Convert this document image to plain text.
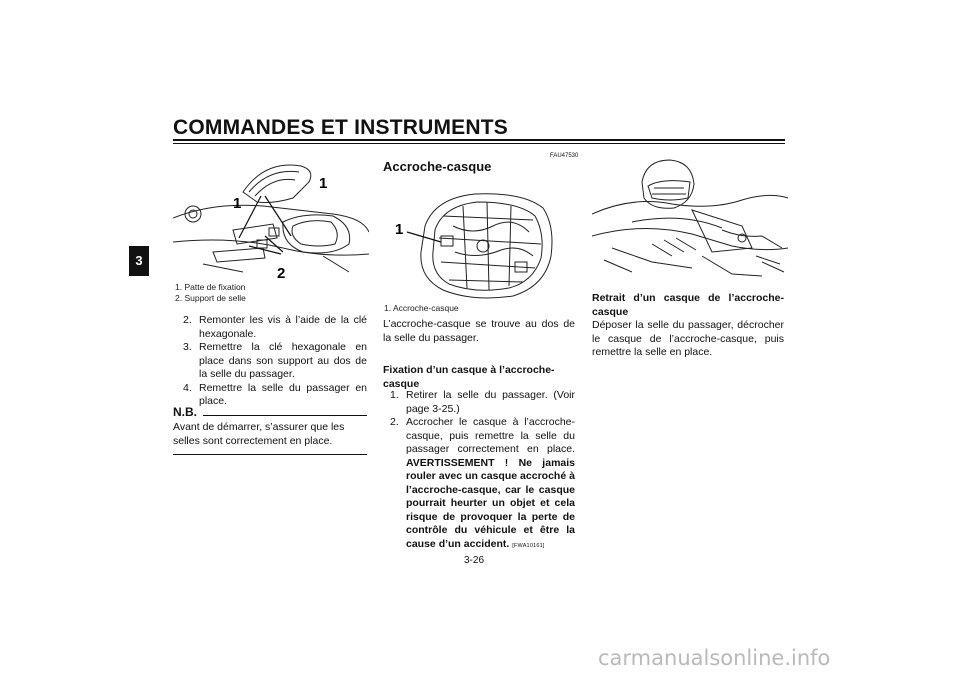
COMMANDES ET INSTRUMENTS
3
1
1
2
1. Patte de fixation
2. Support de selle
2. Remonter les vis à l’aide de la clé hexagonale.
3. Remettre la clé hexagonale en place dans son support au dos de la selle du passager.
4. Remettre la selle du passager en place.
N.B.
Avant de démarrer, s’assurer que les selles sont correctement en place.
FAU47530
Accroche-casque
1
1. Accroche-casque
L’accroche-casque se trouve au dos de la selle du passager.
Fixation d’un casque à l’accroche-casque
1. Retirer la selle du passager. (Voir page 3-25.)
2. Accrocher le casque à l’accroche-casque, puis remettre la selle du passager correctement en place. AVERTISSEMENT ! Ne jamais rouler avec un casque accroché à l’accroche-casque, car le casque pourrait heurter un objet et cela risque de provoquer la perte de contrôle du véhicule et être la cause d’un accident. [FWA10161]
Retrait d’un casque de l’accroche-casque
Déposer la selle du passager, décrocher le casque de l’accroche-casque, puis remettre la selle en place.
3-26
carmanualsonline.info
